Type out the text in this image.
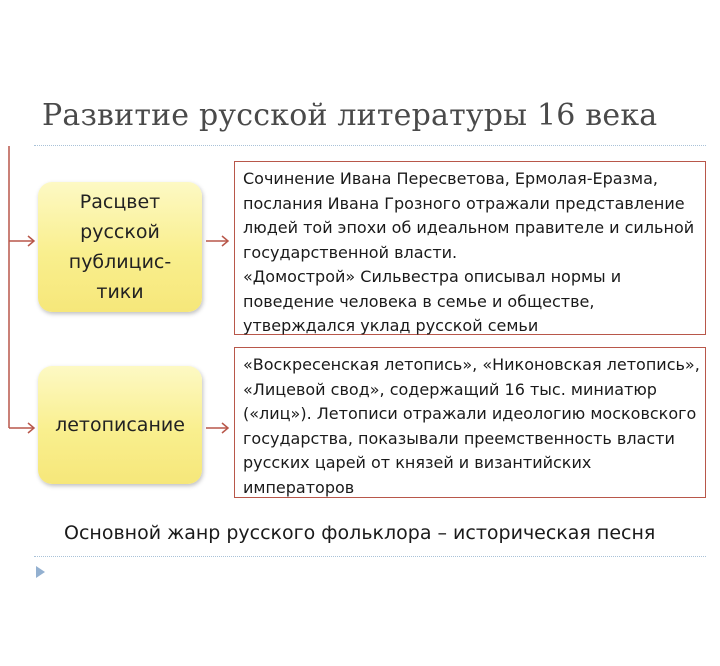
Развитие русской литературы 16 века
Расцвет
русской
публицис-
тики
Сочинение Ивана Пересветова, Ермолая-Еразма,
послания Ивана Грозного отражали представление
людей той эпохи об идеальном правителе и сильной
государственной власти.
«Домострой» Сильвестра описывал нормы и
поведение человека в семье и обществе,
утверждался уклад русской семьи
летописание
«Воскресенская летопись», «Никоновская летопись»,
«Лицевой свод», содержащий 16 тыс. миниатюр
(«лиц»). Летописи отражали идеологию московского
государства, показывали преемственность власти
русских царей от князей и византийских
императоров
Основной жанр русского фольклора – историческая песня
